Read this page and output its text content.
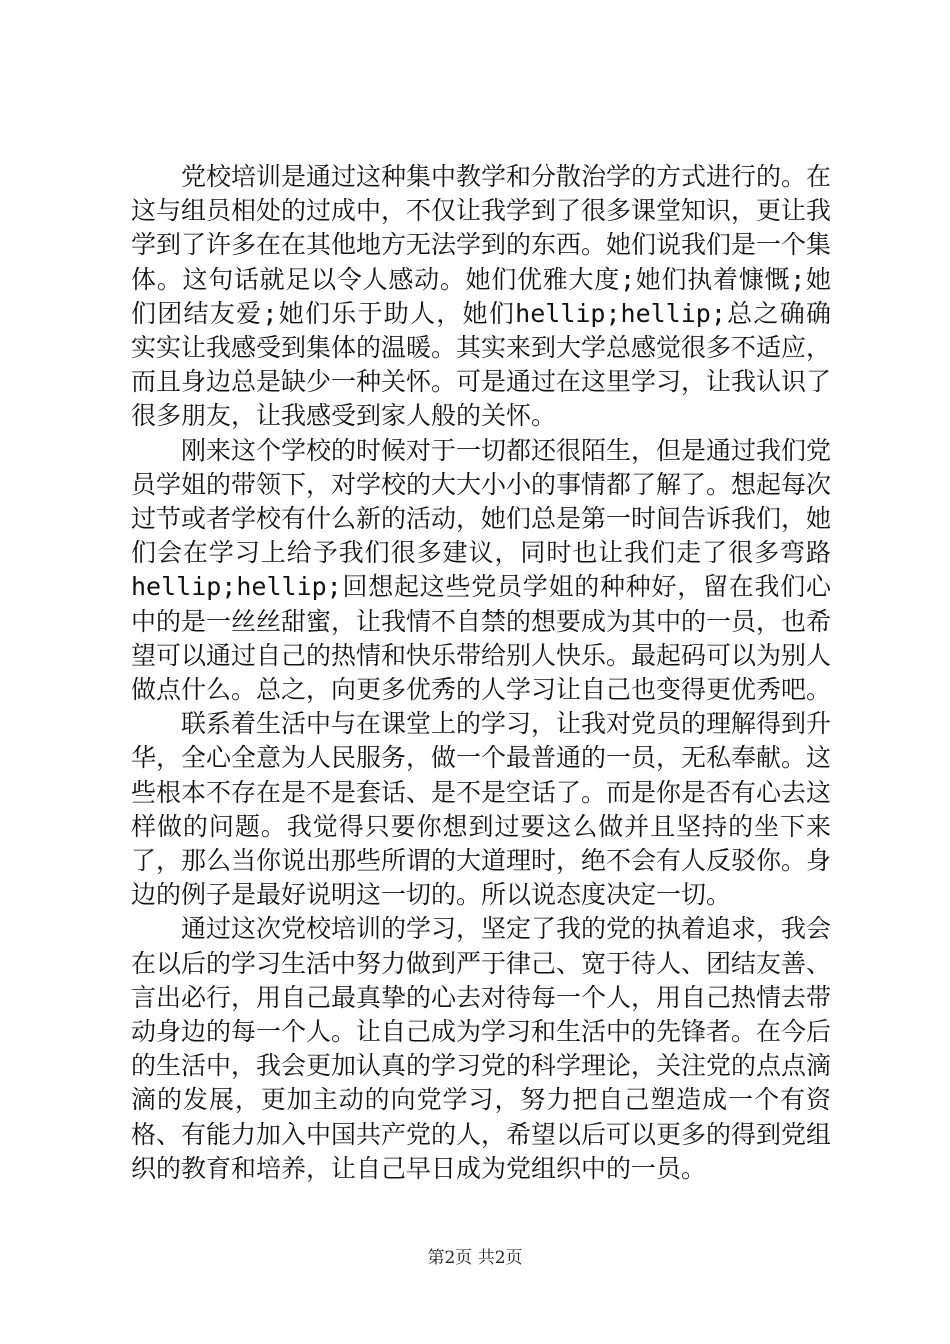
党校培训是通过这种集中教学和分散治学的方式进行的。在这与组员相处的过成中，不仅让我学到了很多课堂知识，更让我学到了许多在在其他地方无法学到的东西。她们说我们是一个集体。这句话就足以令人感动。她们优雅大度;她们执着慷慨;她们团结友爱;她们乐于助人，她们hellip;hellip;总之确确实实让我感受到集体的温暖。其实来到大学总感觉很多不适应，而且身边总是缺少一种关怀。可是通过在这里学习，让我认识了很多朋友，让我感受到家人般的关怀。

刚来这个学校的时候对于一切都还很陌生，但是通过我们党员学姐的带领下，对学校的大大小小的事情都了解了。想起每次过节或者学校有什么新的活动，她们总是第一时间告诉我们，她们会在学习上给予我们很多建议，同时也让我们走了很多弯路hellip;hellip;回想起这些党员学姐的种种好，留在我们心中的是一丝丝甜蜜，让我情不自禁的想要成为其中的一员，也希望可以通过自己的热情和快乐带给别人快乐。最起码可以为别人做点什么。总之，向更多优秀的人学习让自己也变得更优秀吧。

联系着生活中与在课堂上的学习，让我对党员的理解得到升华，全心全意为人民服务，做一个最普通的一员，无私奉献。这些根本不存在是不是套话、是不是空话了。而是你是否有心去这样做的问题。我觉得只要你想到过要这么做并且坚持的坐下来了，那么当你说出那些所谓的大道理时，绝不会有人反驳你。身边的例子是最好说明这一切的。所以说态度决定一切。

通过这次党校培训的学习，坚定了我的党的执着追求，我会在以后的学习生活中努力做到严于律己、宽于待人、团结友善、言出必行，用自己最真挚的心去对待每一个人，用自己热情去带动身边的每一个人。让自己成为学习和生活中的先锋者。在今后的生活中，我会更加认真的学习党的科学理论，关注党的点点滴滴的发展，更加主动的向党学习，努力把自己塑造成一个有资格、有能力加入中国共产党的人，希望以后可以更多的得到党组织的教育和培养，让自己早日成为党组织中的一员。

第2页 共2页
